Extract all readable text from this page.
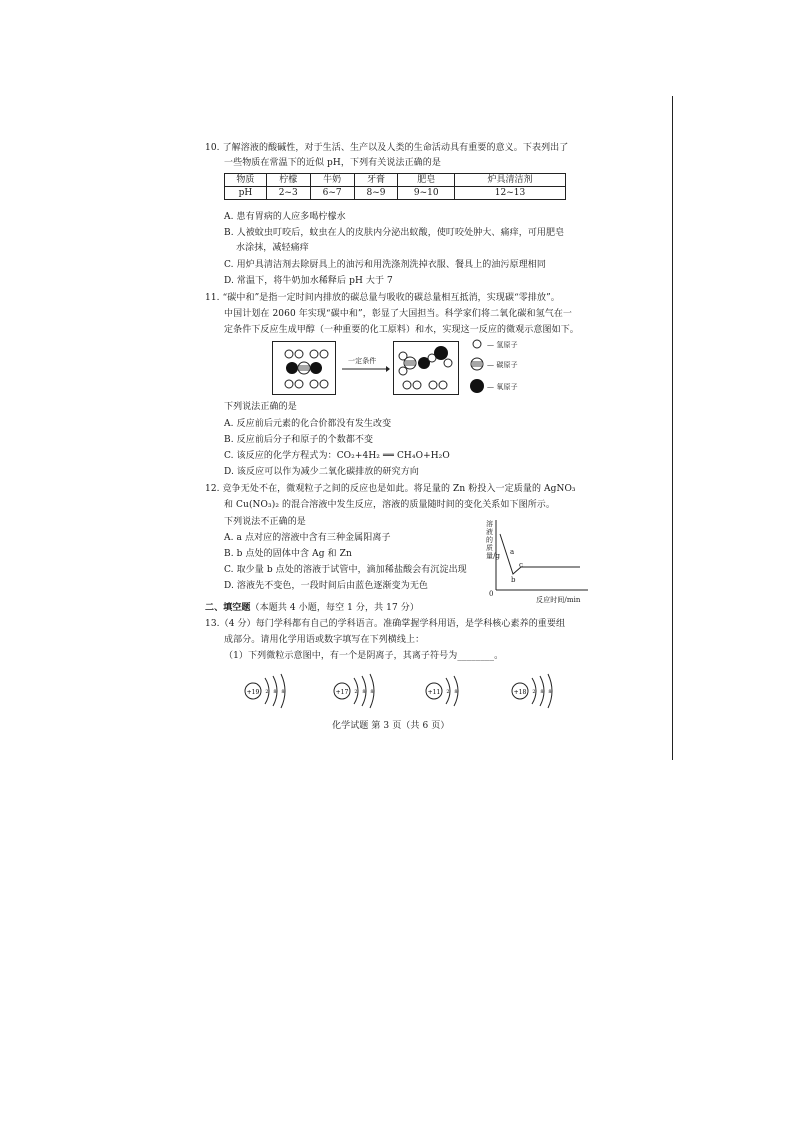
10. 了解溶液的酸碱性，对于生活、生产以及人类的生命活动具有重要的意义。下表列出了
一些物质在常温下的近似 pH，下列有关说法正确的是
物质	柠檬	牛奶	牙膏	肥皂	炉具清洁剂
pH	2~3	6~7	8~9	9~10	12~13
A. 患有胃病的人应多喝柠檬水
B. 人被蚊虫叮咬后，蚊虫在人的皮肤内分泌出蚁酸，使叮咬处肿大、痛痒，可用肥皂
水涂抹，减轻痛痒
C. 用炉具清洁剂去除厨具上的油污和用洗涤剂洗掉衣服、餐具上的油污原理相同
D. 常温下，将牛奶加水稀释后 pH 大于 7
11. “碳中和”是指一定时间内排放的碳总量与吸收的碳总量相互抵消，实现碳“零排放”。
中国计划在 2060 年实现“碳中和”，彰显了大国担当。科学家们将二氧化碳和氢气在一
定条件下反应生成甲醇（一种重要的化工原料）和水，实现这一反应的微观示意图如下。
一定条件
— 氢原子
— 碳原子
— 氧原子
下列说法正确的是
A. 反应前后元素的化合价都没有发生改变
B. 反应前后分子和原子的个数都不变
C. 该反应的化学方程式为：CO₂+4H₂ ══ CH₄O+H₂O
D. 该反应可以作为减少二氧化碳排放的研究方向
12. 竞争无处不在，微观粒子之间的反应也是如此。将足量的 Zn 粉投入一定质量的 AgNO₃
和 Cu(NO₃)₂ 的混合溶液中发生反应，溶液的质量随时间的变化关系如下图所示。
下列说法不正确的是
A. a 点对应的溶液中含有三种金属阳离子
B. b 点处的固体中含 Ag 和 Zn
C. 取少量 b 点处的溶液于试管中，滴加稀盐酸会有沉淀出现
D. 溶液先不变色，一段时间后由蓝色逐渐变为无色
溶液的质量/g a
b
c
0
反应时间/min
二、填空题（本题共 4 小题，每空 1 分，共 17 分）
13.（4 分）每门学科都有自己的学科语言。准确掌握学科用语，是学科核心素养的重要组
成部分。请用化学用语或数字填写在下列横线上：
（1）下列微粒示意图中，有一个是阴离子，其离子符号为________。
+19 2 8 8	+17 2 8 8	+11 2 8	+18 2 8 8
化学试题 第 3 页（共 6 页）
